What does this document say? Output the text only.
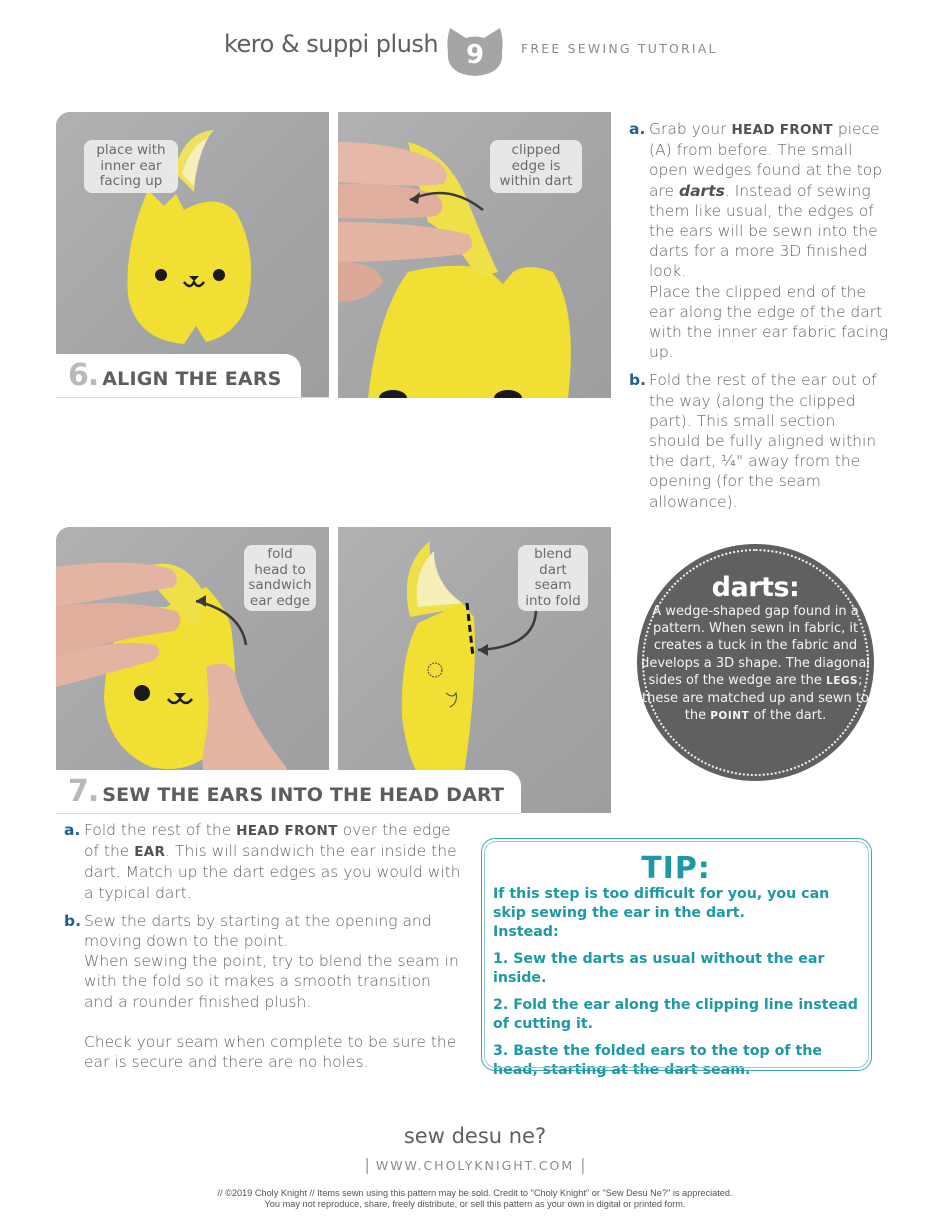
kero & suppi plush	9	FREE SEWING TUTORIAL
place with
inner ear
facing up
6. ALIGN THE EARS
clipped
edge is
within dart
a. Grab your HEAD FRONT piece (A) from before. The small open wedges found at the top are darts. Instead of sewing them like usual, the edges of the ears will be sewn into the darts for a more 3D finished look.
Place the clipped end of the ear along the edge of the dart with the inner ear fabric facing up.
b. Fold the rest of the ear out of the way (along the clipped part). This small section should be fully aligned within the dart, ¼" away from the opening (for the seam allowance).
fold
head to
sandwich
ear edge
blend
dart
seam
into fold
7. SEW THE EARS INTO THE HEAD DART
a. Fold the rest of the HEAD FRONT over the edge of the EAR. This will sandwich the ear inside the dart. Match up the dart edges as you would with a typical dart.
b. Sew the darts by starting at the opening and moving down to the point.
When sewing the point, try to blend the seam in with the fold so it makes a smooth transition and a rounder finished plush.
Check your seam when complete to be sure the ear is secure and there are no holes.
darts:
A wedge-shaped gap found in a pattern. When sewn in fabric, it creates a tuck in the fabric and develops a 3D shape. The diagonal sides of the wedge are the LEGS; these are matched up and sewn to the POINT of the dart.
TIP:

If this step is too difficult for you, you can skip sewing the ear in the dart.

Instead:

1. Sew the darts as usual without the ear inside.

2. Fold the ear along the clipping line instead of cutting it.

3. Baste the folded ears to the top of the head, starting at the dart seam.

sew desu ne?
| WWW.CHOLYKNIGHT.COM |
// ©2019 Choly Knight // Items sewn using this pattern may be sold. Credit to "Choly Knight" or "Sew Desu Ne?" is appreciated.
You may not reproduce, share, freely distribute, or sell this pattern as your own in digital or printed form.
